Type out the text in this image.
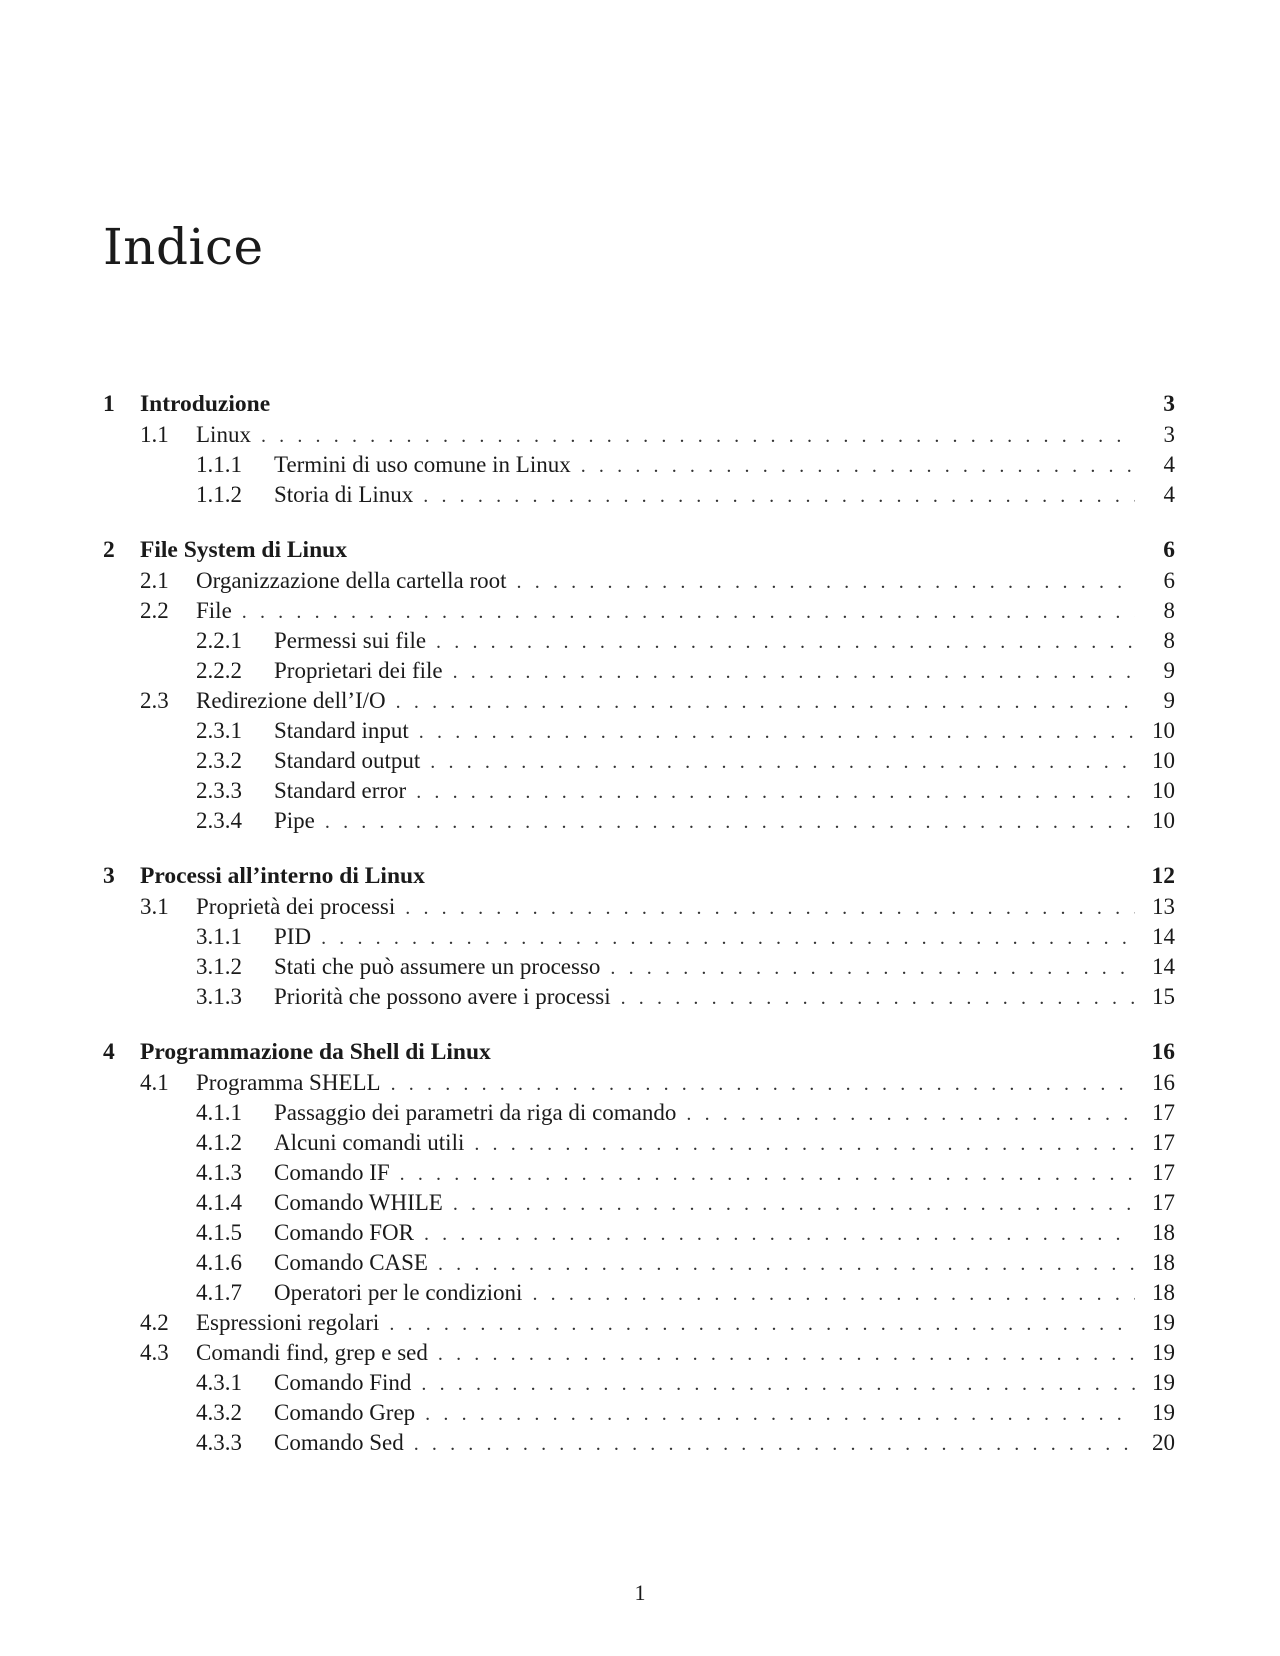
Indice
1	Introduzione	3
1.1	Linux . . .	3
1.1.1	Termini di uso comune in Linux . . .	4
1.1.2	Storia di Linux . . .	4
2	File System di Linux	6
2.1	Organizzazione della cartella root . . .	6
2.2	File . . .	8
2.2.1	Permessi sui file . . .	8
2.2.2	Proprietari dei file . . .	9
2.3	Redirezione dell’I/O . . .	9
2.3.1	Standard input . . .	10
2.3.2	Standard output . . .	10
2.3.3	Standard error . . .	10
2.3.4	Pipe . . .	10
3	Processi all’interno di Linux	12
3.1	Proprietà dei processi . . .	13
3.1.1	PID . . .	14
3.1.2	Stati che può assumere un processo . . .	14
3.1.3	Priorità che possono avere i processi . . .	15
4	Programmazione da Shell di Linux	16
4.1	Programma SHELL . . .	16
4.1.1	Passaggio dei parametri da riga di comando . . .	17
4.1.2	Alcuni comandi utili . . .	17
4.1.3	Comando IF . . .	17
4.1.4	Comando WHILE . . .	17
4.1.5	Comando FOR . . .	18
4.1.6	Comando CASE . . .	18
4.1.7	Operatori per le condizioni . . .	18
4.2	Espressioni regolari . . .	19
4.3	Comandi find, grep e sed . . .	19
4.3.1	Comando Find . . .	19
4.3.2	Comando Grep . . .	19
4.3.3	Comando Sed . . .	20
1
